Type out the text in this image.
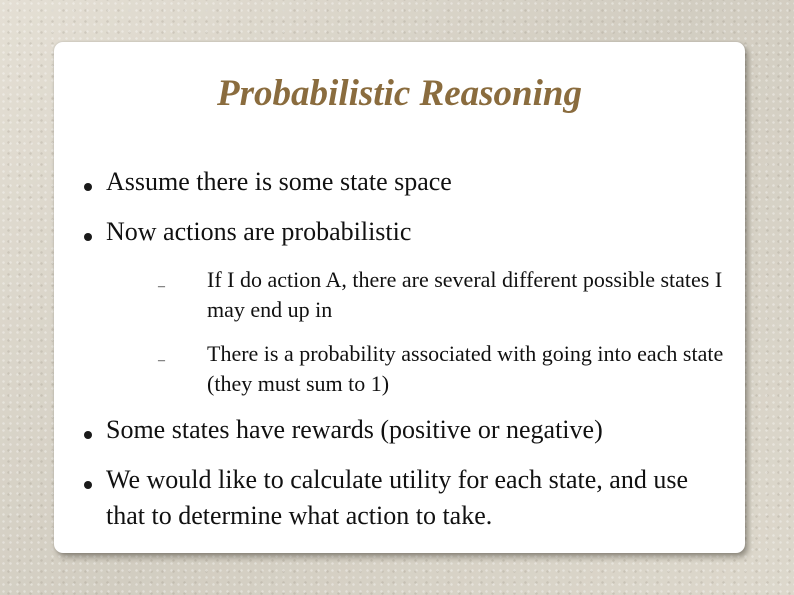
Probabilistic Reasoning

Assume there is some state space

Now actions are probabilistic

– If I do action A, there are several different possible states I may end up in

– There is a probability associated with going into each state (they must sum to 1)

Some states have rewards (positive or negative)

We would like to calculate utility for each state, and use that to determine what action to take.
